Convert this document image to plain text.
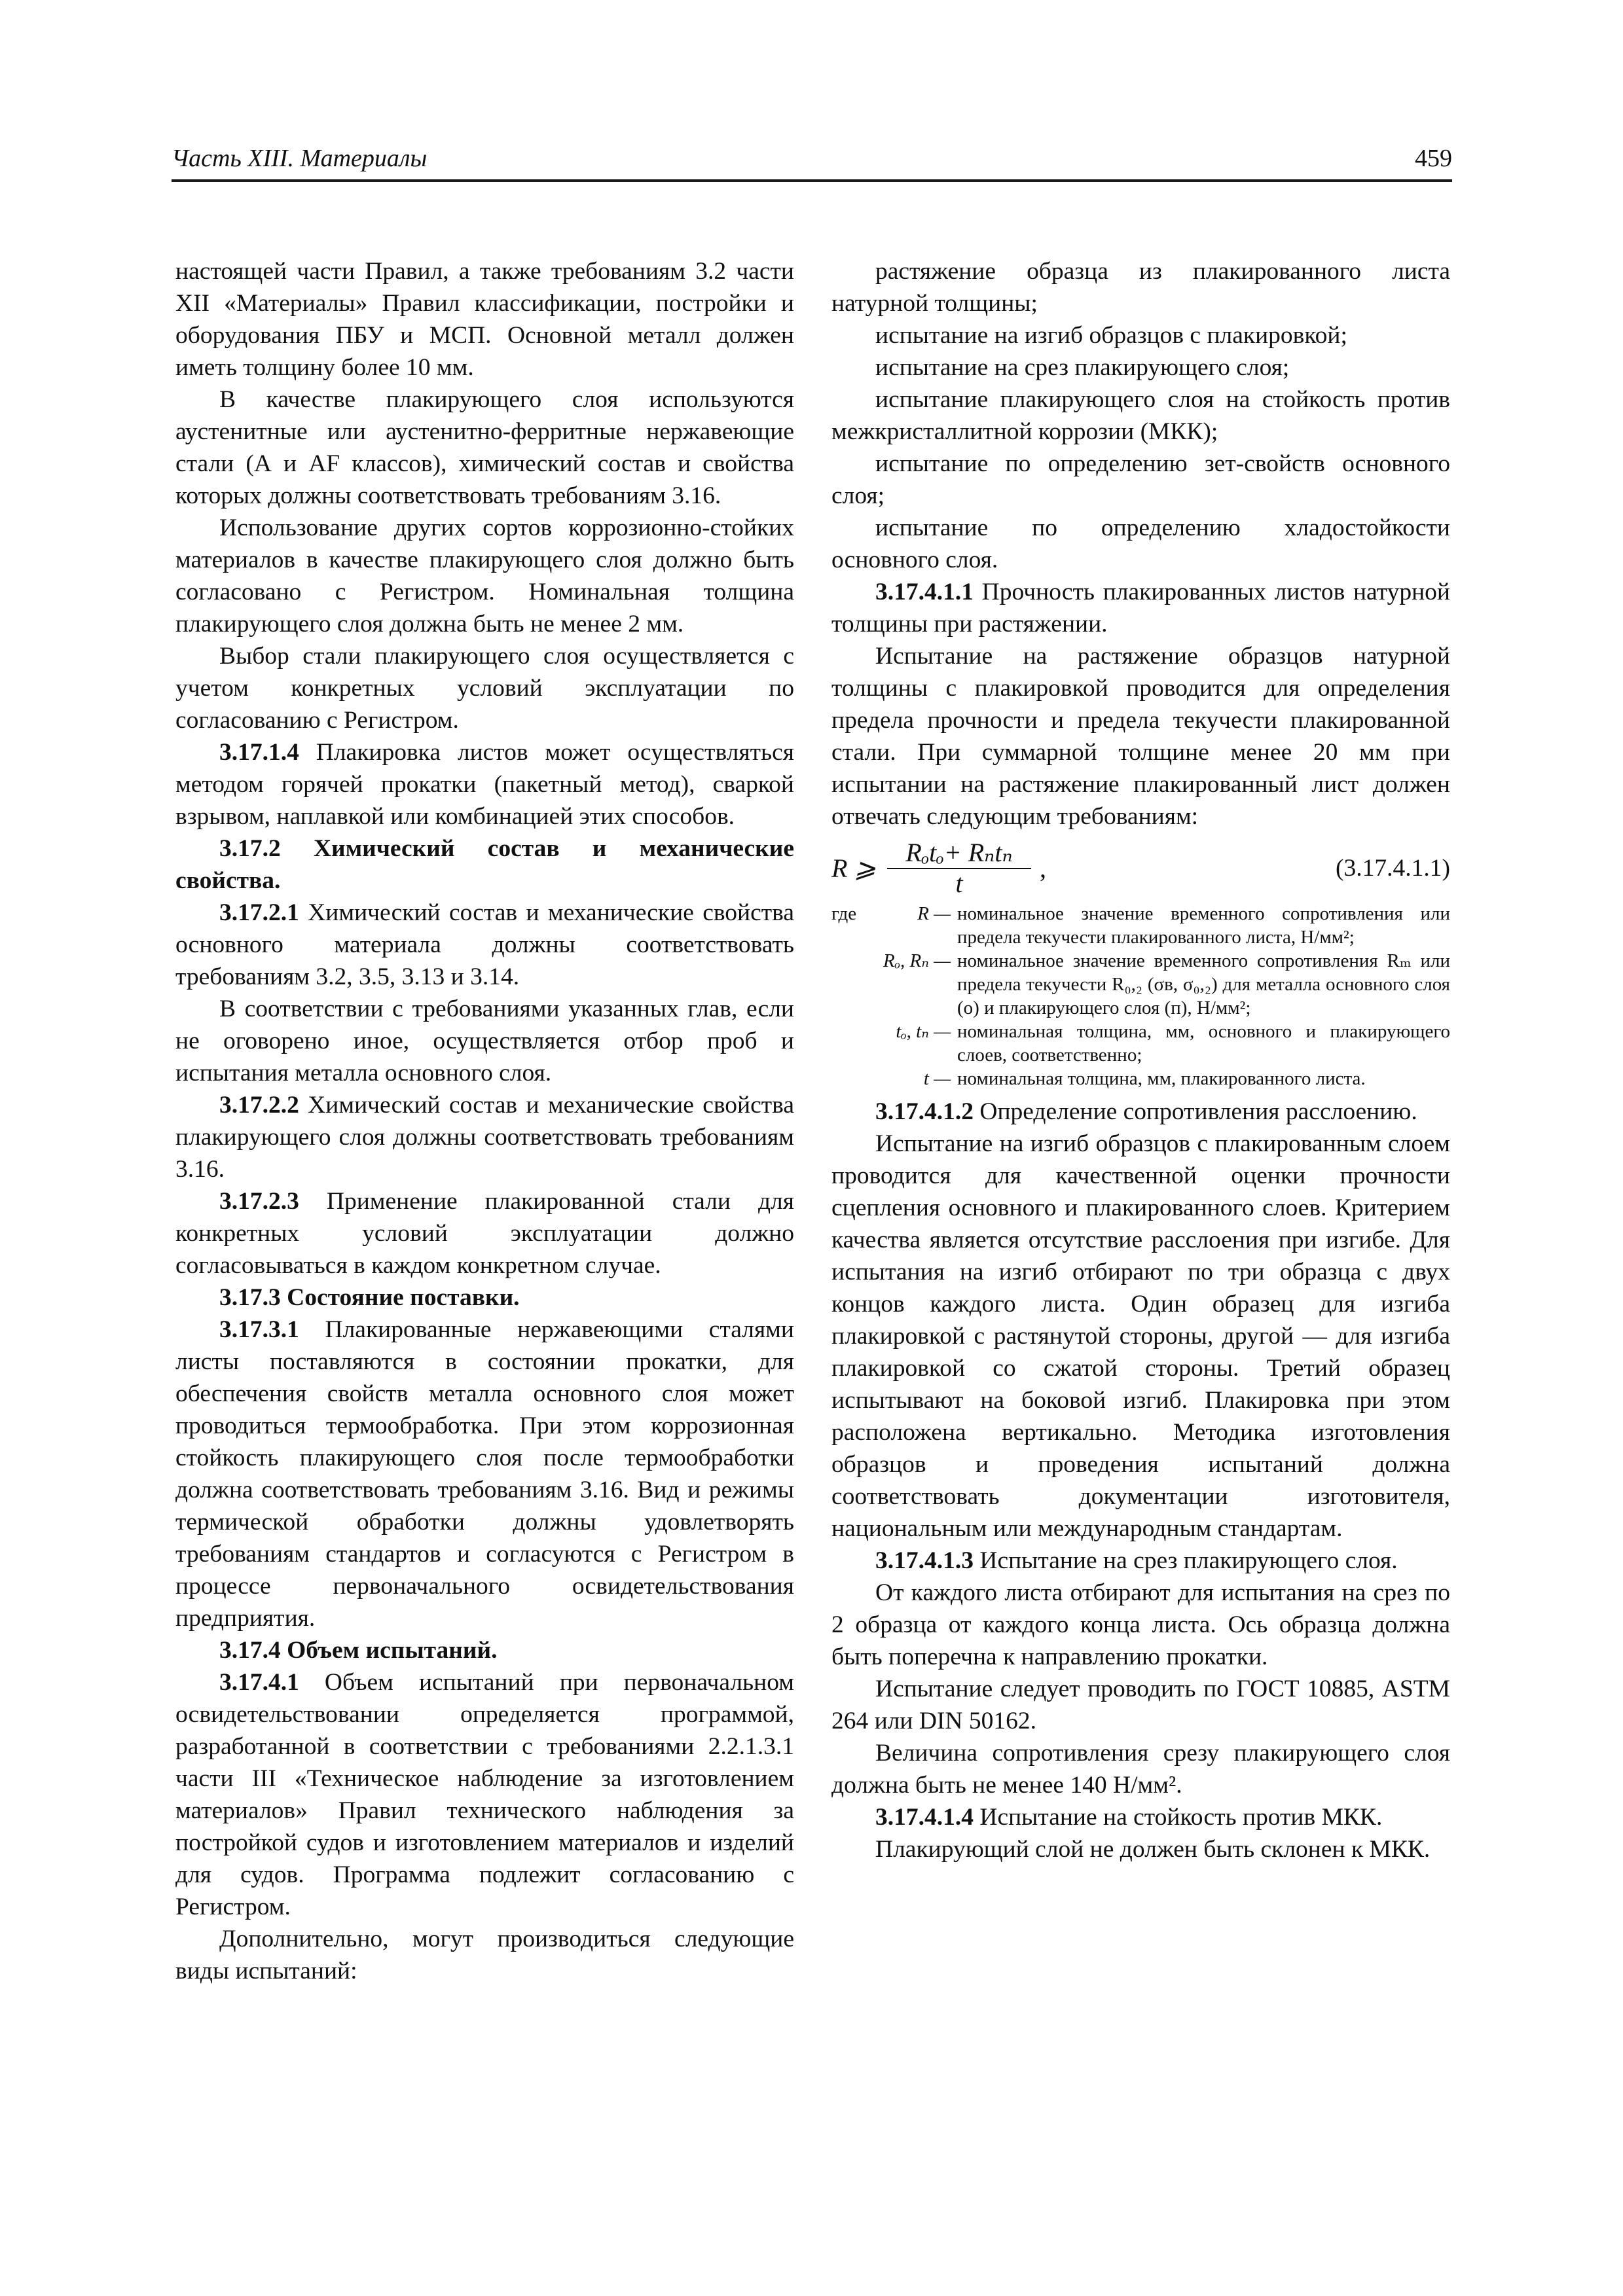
Часть XIII. Материалы	459

настоящей части Правил, а также требованиям 3.2 части XII «Материалы» Правил классификации, постройки и оборудования ПБУ и МСП. Основной металл должен иметь толщину более 10 мм.

В качестве плакирующего слоя используются аустенитные или аустенитно-ферритные нержавеющие стали (А и АF классов), химический состав и свойства которых должны соответствовать требованиям 3.16.

Использование других сортов коррозионно-стойких материалов в качестве плакирующего слоя должно быть согласовано с Регистром. Номинальная толщина плакирующего слоя должна быть не менее 2 мм.

Выбор стали плакирующего слоя осуществляется с учетом конкретных условий эксплуатации по согласованию с Регистром.

3.17.1.4 Плакировка листов может осуществляться методом горячей прокатки (пакетный метод), сваркой взрывом, наплавкой или комбинацией этих способов.

3.17.2 Химический состав и механические свойства.

3.17.2.1 Химический состав и механические свойства основного материала должны соответствовать требованиям 3.2, 3.5, 3.13 и 3.14.

В соответствии с требованиями указанных глав, если не оговорено иное, осуществляется отбор проб и испытания металла основного слоя.

3.17.2.2 Химический состав и механические свойства плакирующего слоя должны соответствовать требованиям 3.16.

3.17.2.3 Применение плакированной стали для конкретных условий эксплуатации должно согласовываться в каждом конкретном случае.

3.17.3 Состояние поставки.

3.17.3.1 Плакированные нержавеющими сталями листы поставляются в состоянии прокатки, для обеспечения свойств металла основного слоя может проводиться термообработка. При этом коррозионная стойкость плакирующего слоя после термообработки должна соответствовать требованиям 3.16. Вид и режимы термической обработки должны удовлетворять требованиям стандартов и согласуются с Регистром в процессе первоначального освидетельствования предприятия.

3.17.4 Объем испытаний.

3.17.4.1 Объем испытаний при первоначальном освидетельствовании определяется программой, разработанной в соответствии с требованиями 2.2.1.3.1 части III «Техническое наблюдение за изготовлением материалов» Правил технического наблюдения за постройкой судов и изготовлением материалов и изделий для судов. Программа подлежит согласованию с Регистром.

Дополнительно, могут производиться следующие виды испытаний:

растяжение образца из плакированного листа натурной толщины;

испытание на изгиб образцов с плакировкой;

испытание на срез плакирующего слоя;

испытание плакирующего слоя на стойкость против межкристаллитной коррозии (МКК);

испытание по определению зет-свойств основного слоя;

испытание по определению хладостойкости основного слоя.

3.17.4.1.1 Прочность плакированных листов натурной толщины при растяжении.

Испытание на растяжение образцов натурной толщины с плакировкой проводится для определения предела прочности и предела текучести плакированной стали. При суммарной толщине менее 20 мм при испытании на растяжение плакированный лист должен отвечать следующим требованиям:

R ⩾
Rₒtₒ+ Rₙtₙ
t
,	(3.17.4.1.1)
где	R — номинальное значение временного сопротивления или предела текучести плакированного листа, Н/мм²;
Rₒ, Rₙ — номинальное значение временного сопротивления Rₘ или предела текучести R₀,₂ (σв, σ₀,₂) для металла основного слоя (о) и плакирующего слоя (п), Н/мм²;
tₒ, tₙ — номинальная толщина, мм, основного и плакирующего слоев, соответственно;
t — номинальная толщина, мм, плакированного листа.

3.17.4.1.2 Определение сопротивления расслоению.

Испытание на изгиб образцов с плакированным слоем проводится для качественной оценки прочности сцепления основного и плакированного слоев. Критерием качества является отсутствие расслоения при изгибе. Для испытания на изгиб отбирают по три образца с двух концов каждого листа. Один образец для изгиба плакировкой с растянутой стороны, другой — для изгиба плакировкой со сжатой стороны. Третий образец испытывают на боковой изгиб. Плакировка при этом расположена вертикально. Методика изготовления образцов и проведения испытаний должна соответствовать документации изготовителя, национальным или международным стандартам.

3.17.4.1.3 Испытание на срез плакирующего слоя.

От каждого листа отбирают для испытания на срез по 2 образца от каждого конца листа. Ось образца должна быть поперечна к направлению прокатки.

Испытание следует проводить по ГОСТ 10885, ASTM 264 или DIN 50162.

Величина сопротивления срезу плакирующего слоя должна быть не менее 140 Н/мм².

3.17.4.1.4 Испытание на стойкость против МКК.

Плакирующий слой не должен быть склонен к МКК.
